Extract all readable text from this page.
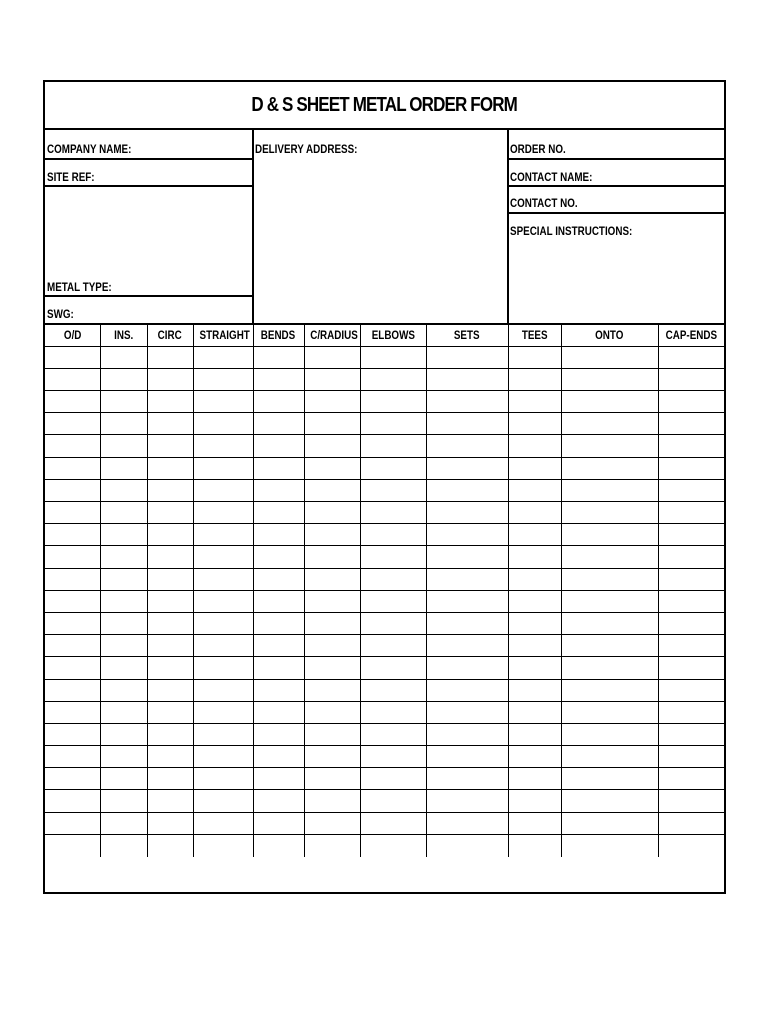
D & S SHEET METAL ORDER FORM
COMPANY NAME:
SITE REF:
METAL TYPE:
SWG:
DELIVERY ADDRESS:	ORDER NO.
CONTACT NAME:
CONTACT NO.
SPECIAL INSTRUCTIONS:
O/D	INS.	CIRC	STRAIGHT	BENDS	C/RADIUS	ELBOWS	SETS	TEES	ONTO	CAP-ENDS
